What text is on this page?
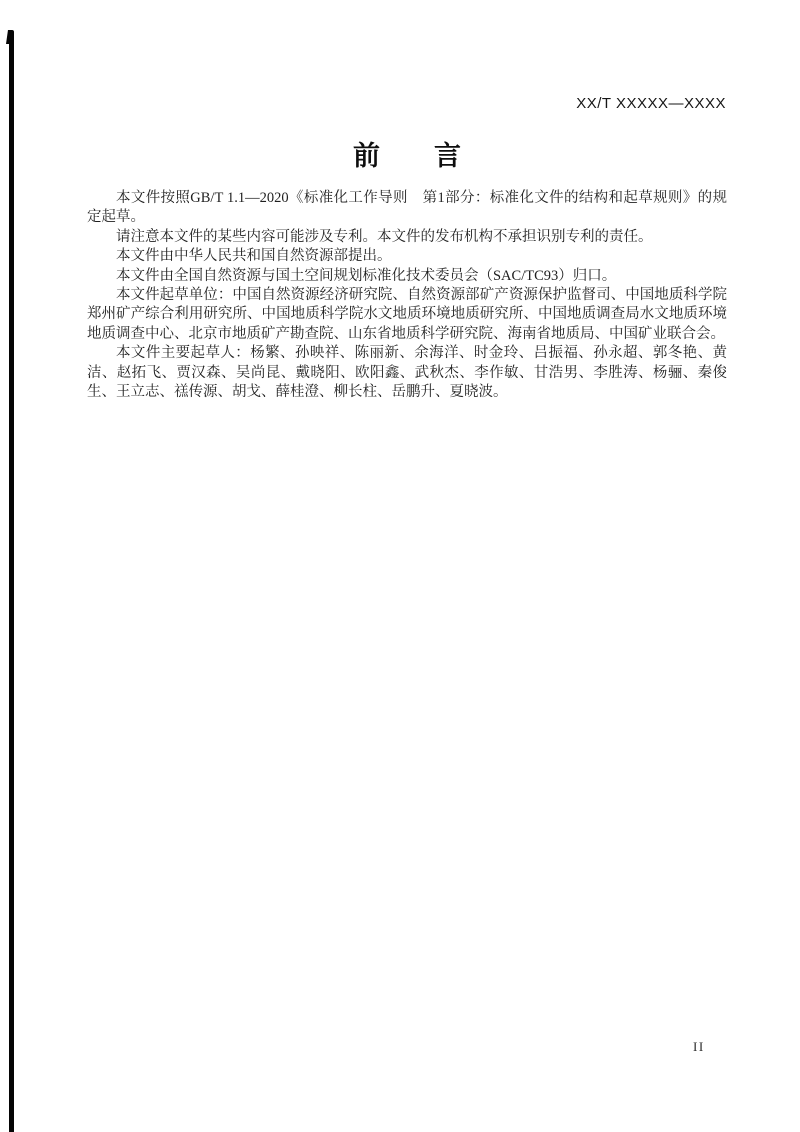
XX/T XXXXX—XXXX
前　　言

本文件按照GB/T 1.1—2020《标准化工作导则　第1部分：标准化文件的结构和起草规则》的规定起草。

请注意本文件的某些内容可能涉及专利。本文件的发布机构不承担识别专利的责任。

本文件由中华人民共和国自然资源部提出。

本文件由全国自然资源与国土空间规划标准化技术委员会（SAC/TC93）归口。

本文件起草单位：中国自然资源经济研究院、自然资源部矿产资源保护监督司、中国地质科学院郑州矿产综合利用研究所、中国地质科学院水文地质环境地质研究所、中国地质调查局水文地质环境地质调查中心、北京市地质矿产勘查院、山东省地质科学研究院、海南省地质局、中国矿业联合会。

本文件主要起草人：杨繁、孙映祥、陈丽新、余海洋、时金玲、吕振福、孙永超、郭冬艳、黄洁、赵拓飞、贾汉森、吴尚昆、戴晓阳、欧阳鑫、武秋杰、李作敏、甘浩男、李胜涛、杨骊、秦俊生、王立志、禚传源、胡戈、薛桂澄、柳长柱、岳鹏升、夏晓波。

II
